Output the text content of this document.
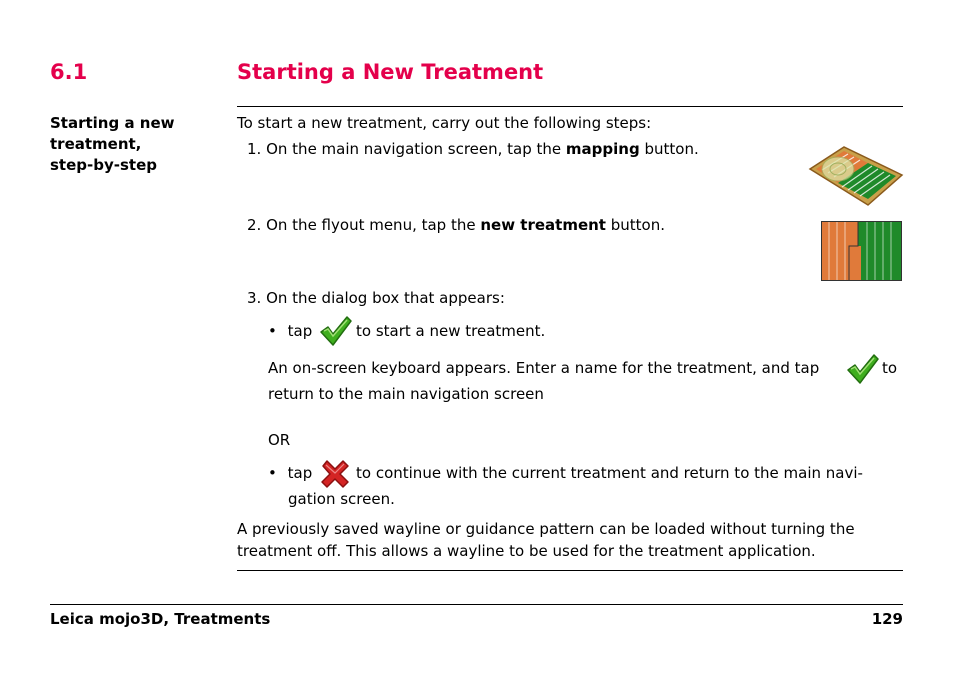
6.1	Starting a New Treatment
Starting a new
treatment,
step-by-step
To start a new treatment, carry out the following steps:
1. On the main navigation screen, tap the mapping button.
2. On the flyout menu, tap the new treatment button.
3. On the dialog box that appears:
• tap	to start a new treatment.
An on-screen keyboard appears. Enter a name for the treatment, and tap	to
return to the main navigation screen
OR
• tap	to continue with the current treatment and return to the main navi-
gation screen.
A previously saved wayline or guidance pattern can be loaded without turning the
treatment off. This allows a wayline to be used for the treatment application.
Leica mojo3D, Treatments	129
